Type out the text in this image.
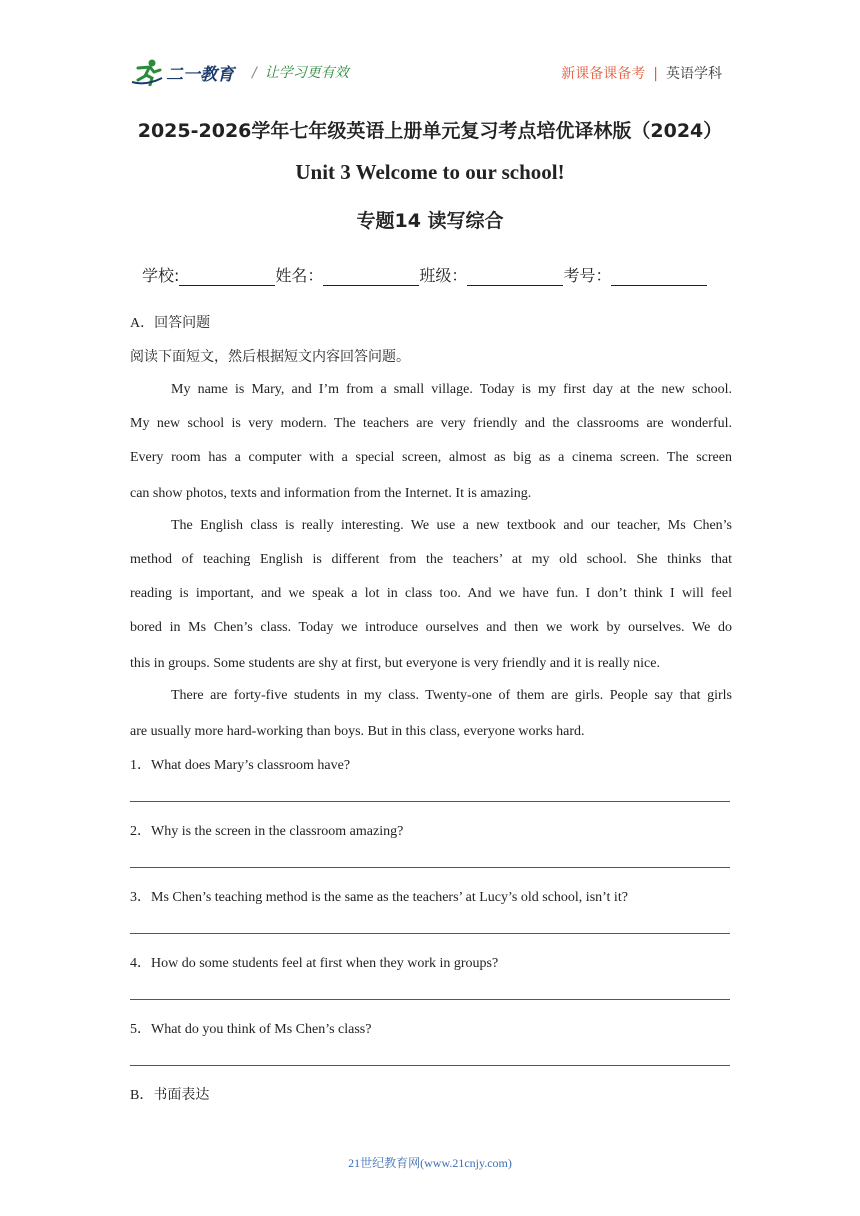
二一教育 / 让学习更有效	新课备课备考 | 英语学科
2025-2026学年七年级英语上册单元复习考点培优译林版（2024）
Unit 3 Welcome to our school!
专题14 读写综合
学校:	姓名：	班级：	考号：
A．回答问题
阅读下面短文，然后根据短文内容回答问题。
My name is Mary, and I’m from a small village. Today is my first day at the new school.
My new school is very modern. The teachers are very friendly and the classrooms are wonderful.
Every room has a computer with a special screen, almost as big as a cinema screen. The screen
can show photos, texts and information from the Internet. It is amazing.
The English class is really interesting. We use a new textbook and our teacher, Ms Chen’s
method of teaching English is different from the teachers’ at my old school. She thinks that
reading is important, and we speak a lot in class too. And we have fun. I don’t think I will feel
bored in Ms Chen’s class. Today we introduce ourselves and then we work by ourselves. We do
this in groups. Some students are shy at first, but everyone is very friendly and it is really nice.
There are forty-five students in my class. Twenty-one of them are girls. People say that girls
are usually more hard-working than boys. But in this class, everyone works hard.
1．What does Mary’s classroom have?
2．Why is the screen in the classroom amazing?
3．Ms Chen’s teaching method is the same as the teachers’ at Lucy’s old school, isn’t it?
4．How do some students feel at first when they work in groups?
5．What do you think of Ms Chen’s class?
B．书面表达
21世纪教育网(www.21cnjy.com)
